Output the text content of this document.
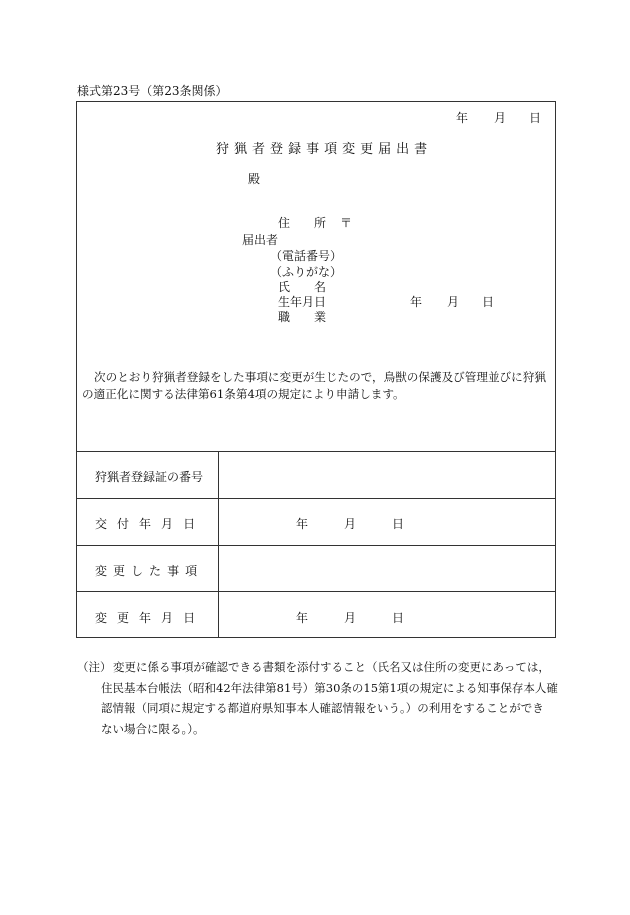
様式第23号（第23条関係）
年 月 日
狩 猟 者 登 録 事 項 変 更 届 出 書
殿
住　　所 〒
届出者
（電話番号）
（ふりがな）
氏　　名
生年月日	年 月 日
職　　業
次のとおり狩猟者登録をした事項に変更が生じたので，鳥獣の保護及び管理並びに狩猟
の適正化に関する法律第61条第4項の規定により申請します。
狩猟者登録証の番号
交 付 年 月 日	年	月	日
変 更 し た 事 項
変 更 年 月 日	年	月	日
（注） 変更に係る事項が確認できる書類を添付すること（氏名又は住所の変更にあっては，
住民基本台帳法（昭和42年法律第81号）第30条の15第1項の規定による知事保存本人確
認情報（同項に規定する都道府県知事本人確認情報をいう。）の利用をすることができ
ない場合に限る。）。
